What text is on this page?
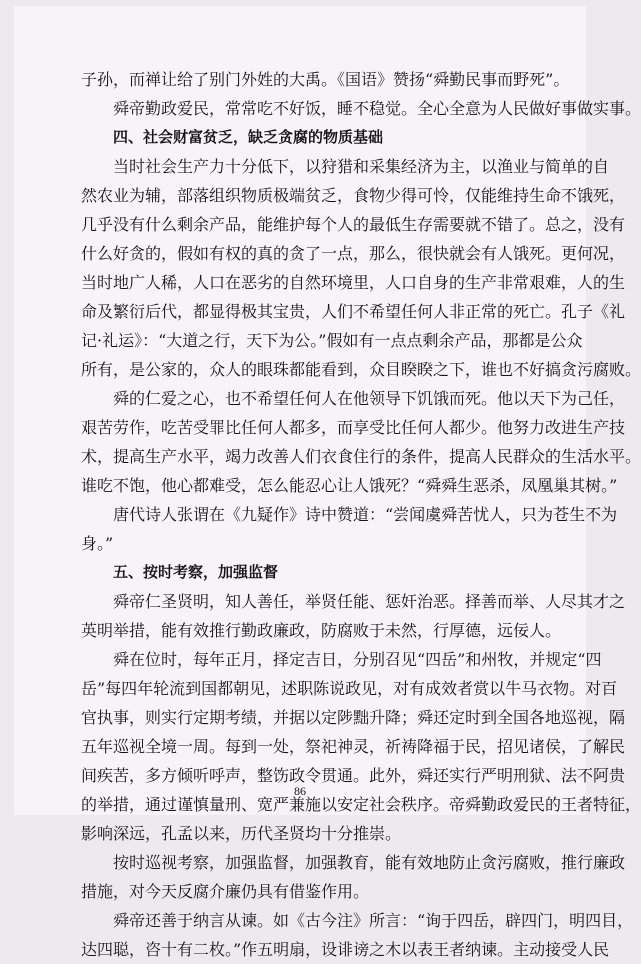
子孙，而禅让给了别门外姓的大禹。《国语》赞扬“舜勤民事而野死”。
舜帝勤政爱民，常常吃不好饭，睡不稳觉。全心全意为人民做好事做实事。
四、社会财富贫乏，缺乏贪腐的物质基础
当时社会生产力十分低下，以狩猎和采集经济为主，以渔业与简单的自
然农业为辅，部落组织物质极端贫乏，食物少得可怜，仅能维持生命不饿死，
几乎没有什么剩余产品，能维护每个人的最低生存需要就不错了。总之，没有
什么好贪的，假如有权的真的贪了一点，那么，很快就会有人饿死。更何况，
当时地广人稀，人口在恶劣的自然环境里，人口自身的生产非常艰难，人的生
命及繁衍后代，都显得极其宝贵，人们不希望任何人非正常的死亡。孔子《礼
记·礼运》：“大道之行，天下为公。”假如有一点点剩余产品，那都是公众
所有，是公家的，众人的眼珠都能看到，众目睽睽之下，谁也不好搞贪污腐败。
舜的仁爱之心，也不希望任何人在他领导下饥饿而死。他以天下为己任，
艰苦劳作，吃苦受罪比任何人都多，而享受比任何人都少。他努力改进生产技
术，提高生产水平，竭力改善人们衣食住行的条件，提高人民群众的生活水平。
谁吃不饱，他心都难受，怎么能忍心让人饿死？“舜舜生恶杀，凤凰巢其树。”
唐代诗人张谓在《九疑作》诗中赞道：“尝闻虞舜苦忧人，只为苍生不为
身。”
五、按时考察，加强监督
舜帝仁圣贤明，知人善任，举贤任能、惩奸治恶。择善而举、人尽其才之
英明举措，能有效推行勤政廉政，防腐败于未然，行厚德，远佞人。
舜在位时，每年正月，择定吉日，分别召见“四岳”和州牧，并规定“四
岳”每四年轮流到国都朝见，述职陈说政见，对有成效者赏以牛马衣物。对百
官执事，则实行定期考绩，并据以定陟黜升降；舜还定时到全国各地巡视，隔
五年巡视全境一周。每到一处，祭祀神灵，祈祷降福于民，招见诸侯，了解民
间疾苦，多方倾听呼声，整饬政令贯通。此外，舜还实行严明刑狱、法不阿贵
的举措，通过谨慎量刑、宽严兼施以安定社会秩序。帝舜勤政爱民的王者特征，
影响深远，孔孟以来，历代圣贤均十分推崇。
按时巡视考察，加强监督，加强教育，能有效地防止贪污腐败，推行廉政
措施，对今天反腐介廉仍具有借鉴作用。
舜帝还善于纳言从谏。如《古今注》所言：“询于四岳，辟四门，明四目，
达四聪，咨十有二枚。”作五明扇，设诽谤之木以表王者纳谏。主动接受人民
86
